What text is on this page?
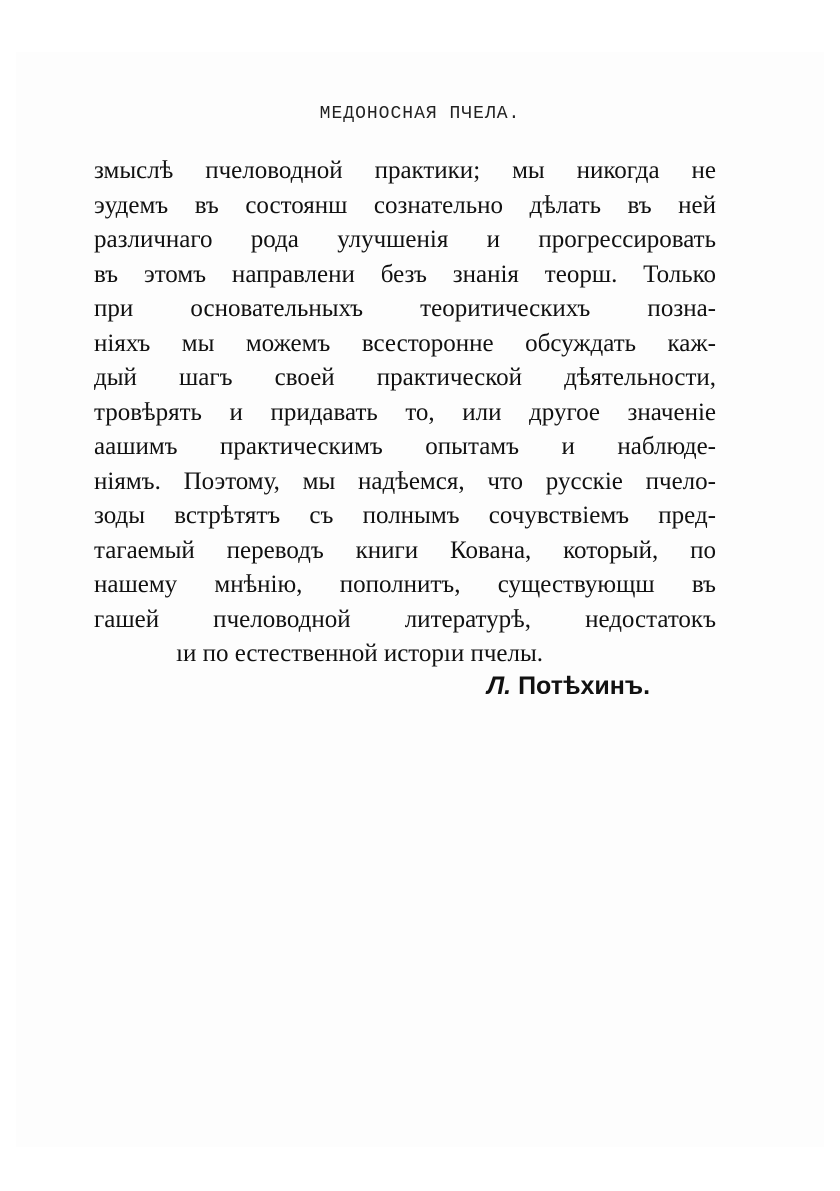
МЕДОНОСНАЯ ПЧЕЛА.
змыслѣ пчеловодной практики; мы никогда не
эудемъ въ состоянш сознательно дѣлать въ ней
различнаго рода улучшенія и прогрессировать
въ этомъ направлени безъ знанія теорш. Только
при основательныхъ теоритическихъ позна-
ніяхъ мы можемъ всесторонне обсуждать каж-
дый шагъ своей практической дѣятельности,
тровѣрять и придавать то, или другое значеніе
аашимъ практическимъ опытамъ и наблюде-
ніямъ. Поэтому, мы надѣемся, что русскіе пчело-
зоды встрѣтятъ съ полнымъ сочувствіемъ пред-
тагаемый переводъ книги Кована, который, по
нашему мнѣнію, пополнитъ, существующш въ
гашей пчеловодной литературѣ, недостатокъ
ıи по естественной исторıи пчелы.
Л. Потѣхинъ.
